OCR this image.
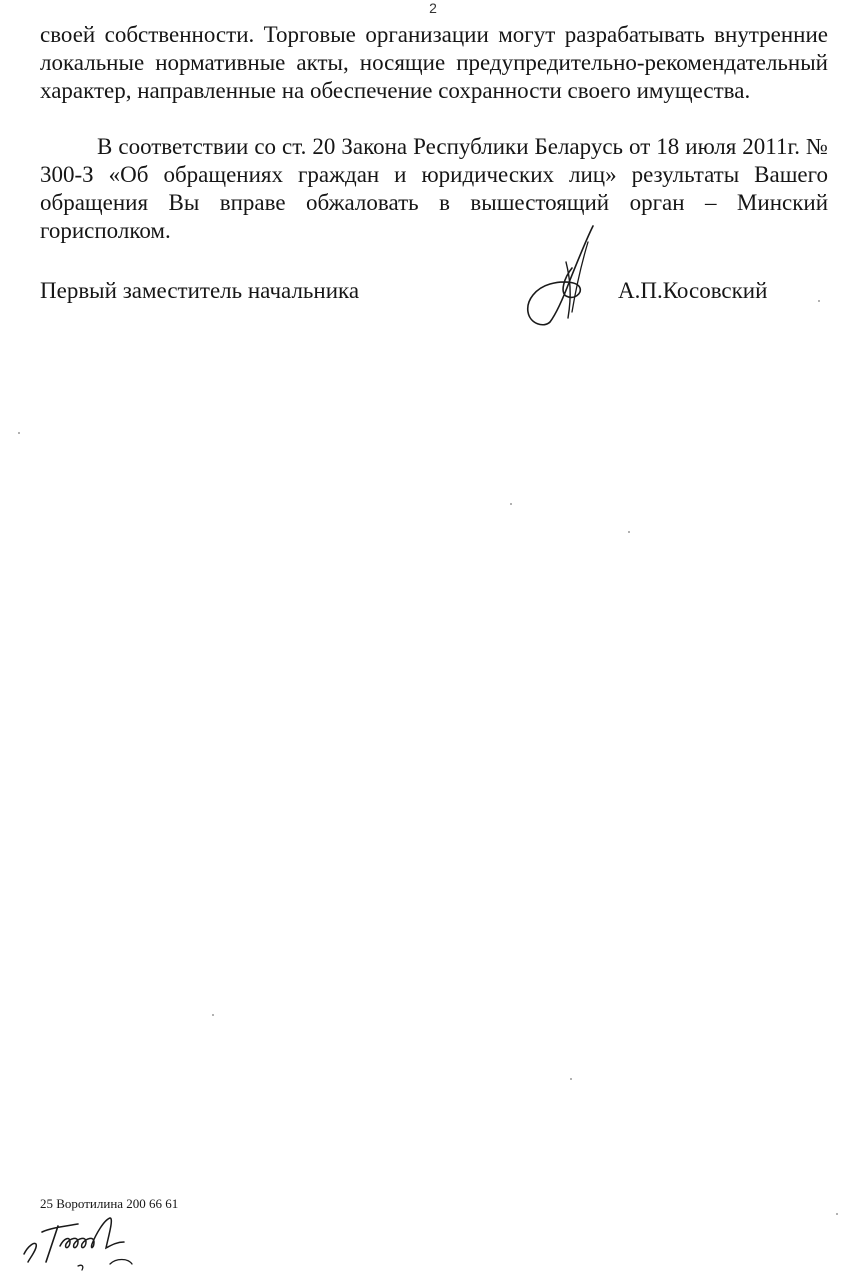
2

своей собственности. Торговые организации могут разрабатывать внутренние локальные нормативные акты, носящие предупредительно-рекомендательный характер, направленные на обеспечение сохранности своего имущества.

В соответствии со ст. 20 Закона Республики Беларусь от 18 июля 2011г. № 300-З «Об обращениях граждан и юридических лиц» результаты Вашего обращения Вы вправе обжаловать в вышестоящий орган – Минский горисполком.

Первый заместитель начальника	А.П.Косовский
25 Воротилина 200 66 61
